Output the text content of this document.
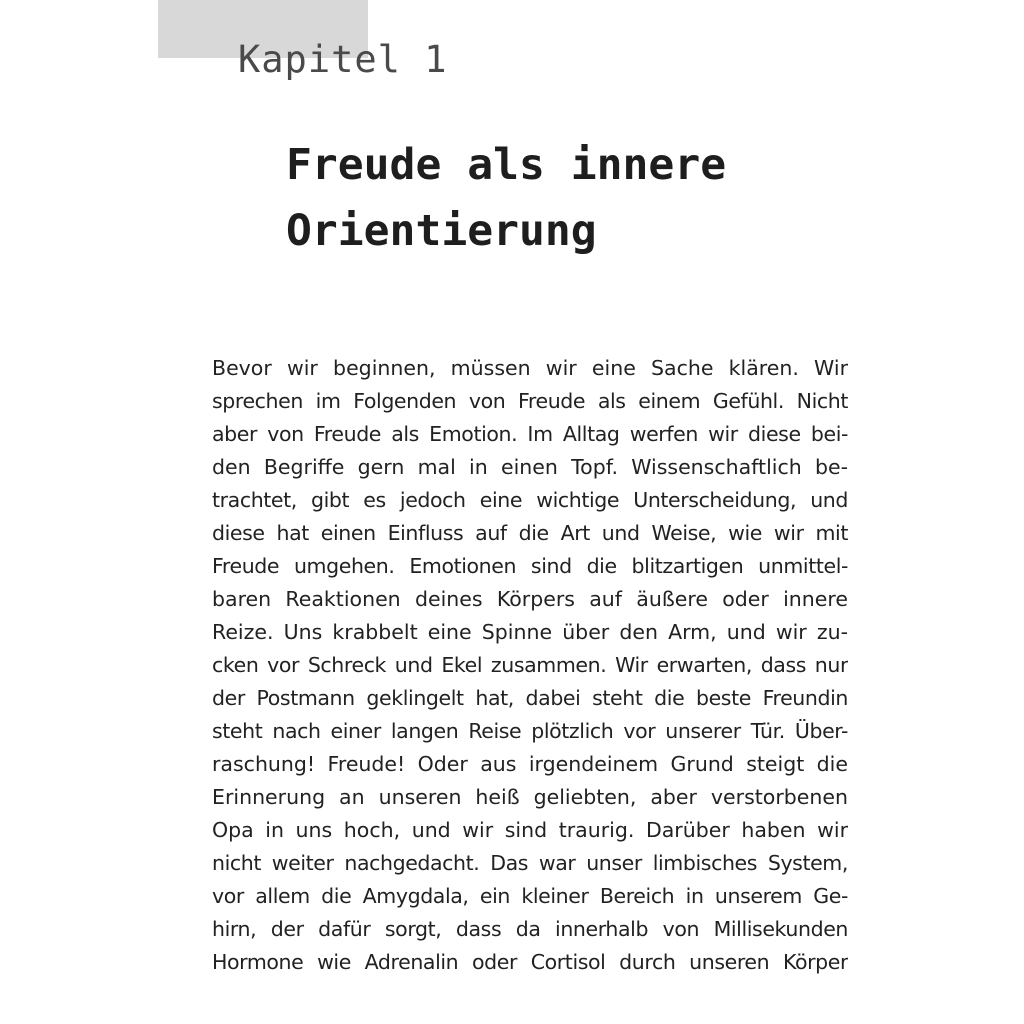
Kapitel 1
Freude als innere
Orientierung
Bevor wir beginnen, müssen wir eine Sache klären. Wir
sprechen im Folgenden von Freude als einem Gefühl. Nicht
aber von Freude als Emotion. Im Alltag werfen wir diese bei-
den Begriffe gern mal in einen Topf. Wissenschaftlich be-
trachtet, gibt es jedoch eine wichtige Unterscheidung, und
diese hat einen Einfluss auf die Art und Weise, wie wir mit
Freude umgehen. Emotionen sind die blitzartigen unmittel-
baren Reaktionen deines Körpers auf äußere oder innere
Reize. Uns krabbelt eine Spinne über den Arm, und wir zu-
cken vor Schreck und Ekel zusammen. Wir erwarten, dass nur
der Postmann geklingelt hat, dabei steht die beste Freundin
steht nach einer langen Reise plötzlich vor unserer Tür. Über-
raschung! Freude! Oder aus irgendeinem Grund steigt die
Erinnerung an unseren heiß geliebten, aber verstorbenen
Opa in uns hoch, und wir sind traurig. Darüber haben wir
nicht weiter nachgedacht. Das war unser limbisches System,
vor allem die Amygdala, ein kleiner Bereich in unserem Ge-
hirn, der dafür sorgt, dass da innerhalb von Millisekunden
Hormone wie Adrenalin oder Cortisol durch unseren Körper
